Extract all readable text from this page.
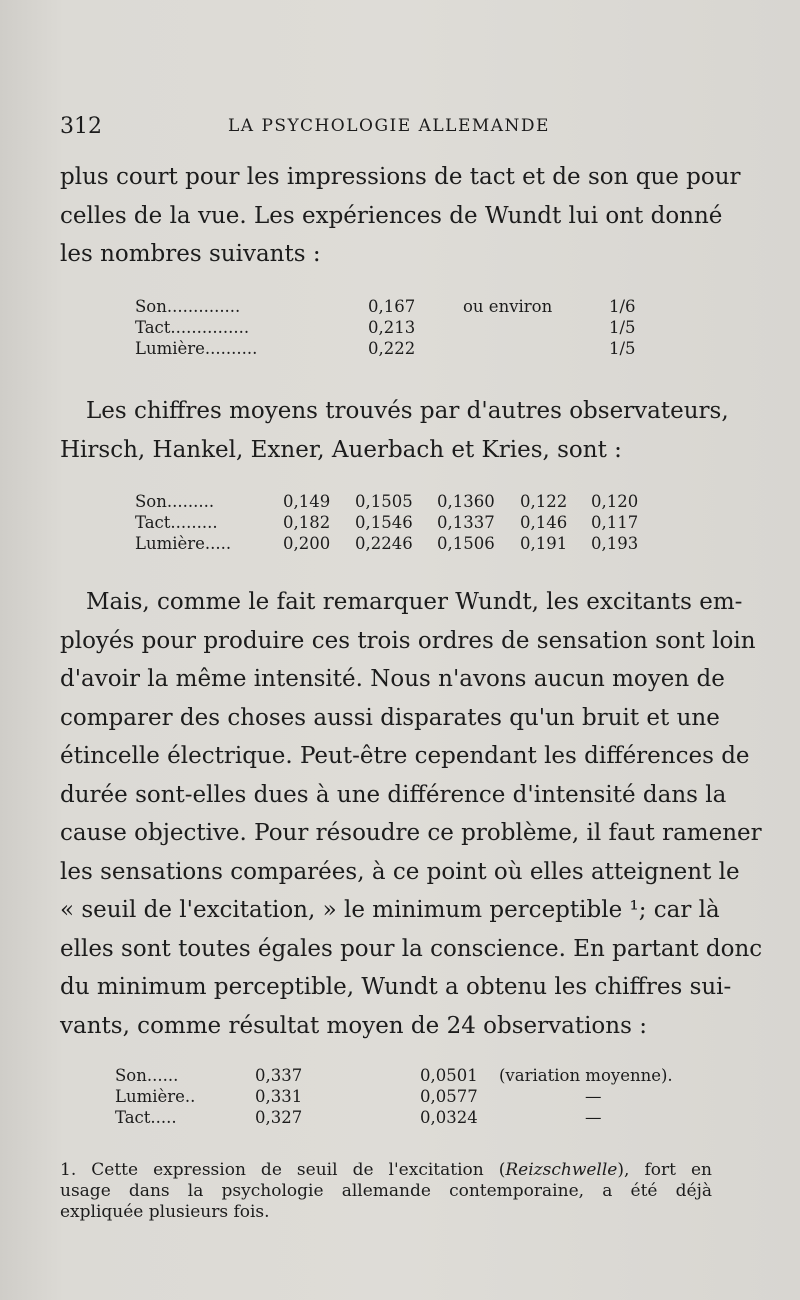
312	LA PSYCHOLOGIE ALLEMANDE
plus court pour les impressions de tact et de son que pour
celles de la vue. Les expériences de Wundt lui ont donné
les nombres suivants :
Son..............	0,167	ou environ	1/6
Tact...............	0,213	1/5
Lumière..........	0,222	1/5
Les chiffres moyens trouvés par d'autres observateurs,
Hirsch, Hankel, Exner, Auerbach et Kries, sont :
Son.........	0,149 0,1505 0,1360 0,122 0,120
Tact.........	0,182 0,1546 0,1337 0,146 0,117
Lumière.....	0,200 0,2246 0,1506 0,191 0,193
Mais, comme le fait remarquer Wundt, les excitants em-
ployés pour produire ces trois ordres de sensation sont loin
d'avoir la même intensité. Nous n'avons aucun moyen de
comparer des choses aussi disparates qu'un bruit et une
étincelle électrique. Peut-être cependant les différences de
durée sont-elles dues à une différence d'intensité dans la
cause objective. Pour résoudre ce problème, il faut ramener
les sensations comparées, à ce point où elles atteignent le
« seuil de l'excitation, » le minimum perceptible ¹; car là
elles sont toutes égales pour la conscience. En partant donc
du minimum perceptible, Wundt a obtenu les chiffres sui-
vants, comme résultat moyen de 24 observations :
Son......	0,337	0,0501 (variation moyenne).
Lumière..	0,331	0,0577	—
Tact.....	0,327	0,0324	—
1. Cette expression de seuil de l'excitation (Reizschwelle), fort en
usage dans la psychologie allemande contemporaine, a été déjà
expliquée plusieurs fois.
